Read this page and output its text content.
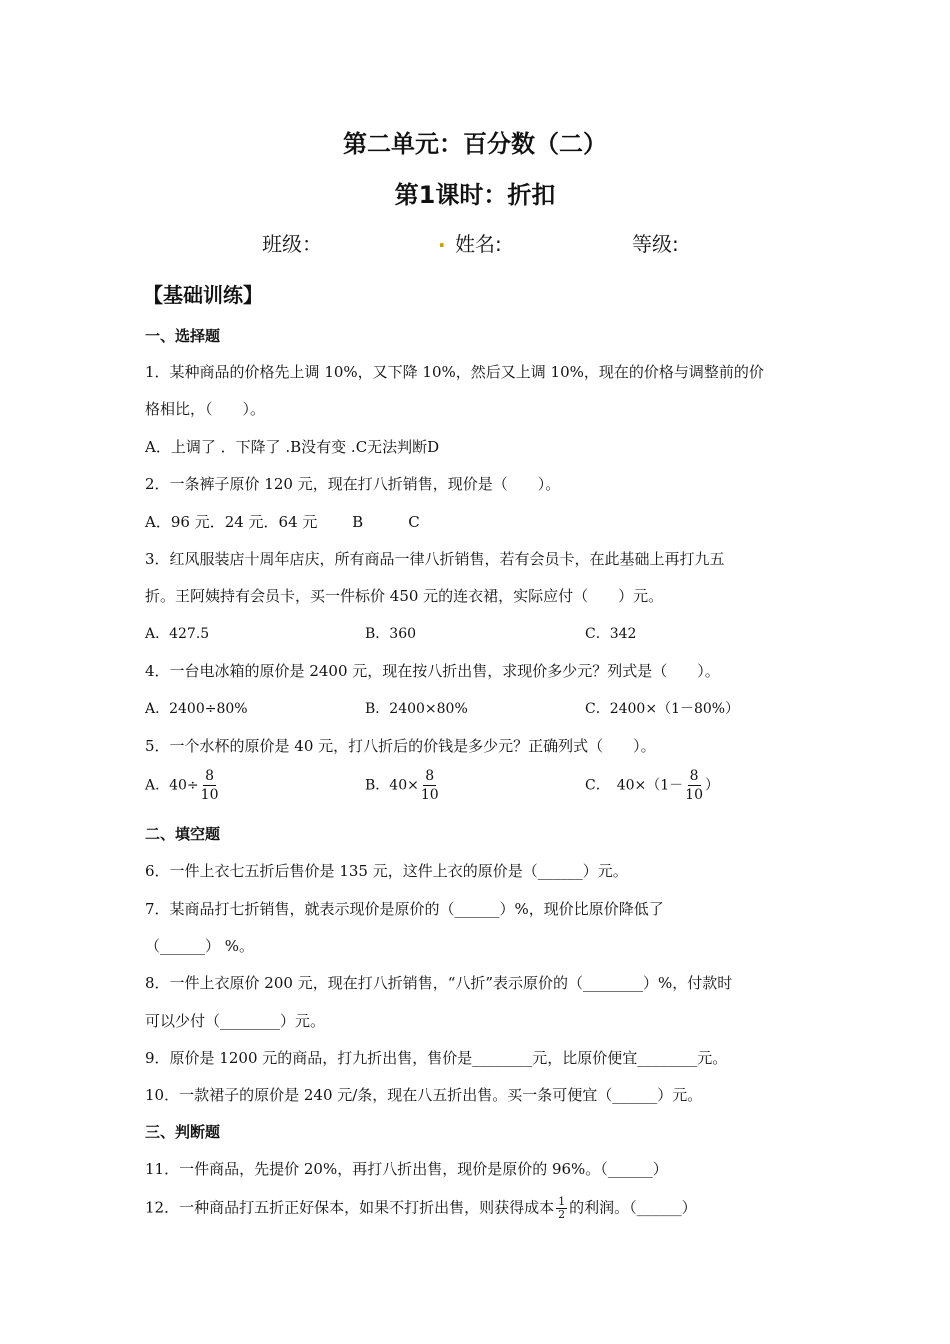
第二单元：百分数（二）
第1课时：折扣
班级：	. 姓名:	等级:
【基础训练】
一、选择题
1．某种商品的价格先上调 10%，又下降 10%，然后又上调 10%，现在的价格与调整前的价
格相比，（　　）。
A．上调了 ．下降了 .B没有变 .C无法判断D
2．一条裤子原价 120 元，现在打八折销售，现价是（　　）。
A．96 元．24 元．64 元　　 B　　　C
3．红风服装店十周年店庆，所有商品一律八折销售，若有会员卡，在此基础上再打九五
折。王阿姨持有会员卡，买一件标价 450 元的连衣裙，实际应付（　　）元。
A．427.5	B．360	C．342
4．一台电冰箱的原价是 2400 元，现在按八折出售，求现价多少元？列式是（　　）。
A．2400÷80%	B．2400×80%	C．2400×（1－80%）
5．一个水杯的原价是 40 元，打八折后的价钱是多少元？正确列式（　　）。
A．$40\div \frac{8}{10}$	B．$40\times \frac{8}{10}$	C．　$40\times(1- \frac{8}{10}$ ）
二、填空题
6．一件上衣七五折后售价是 135 元，这件上衣的原价是（______）元。
7．某商品打七折销售，就表示现价是原价的（______）%，现价比原价降低了
（______） %。
8．一件上衣原价 200 元，现在打八折销售，“八折”表示原价的（________）%，付款时
可以少付（________）元。
9．原价是 1200 元的商品，打九折出售，售价是________元，比原价便宜________元。
10．一款裙子的原价是 240 元/条，现在八五折出售。买一条可便宜（______）元。
三、判断题
11．一件商品，先提价 20%，再打八折出售，现价是原价的 96%。（______）
12．一种商品打五折正好保本，如果不打折出售，则获得成本 $\frac{1}{2}$ 的利润。（______）
